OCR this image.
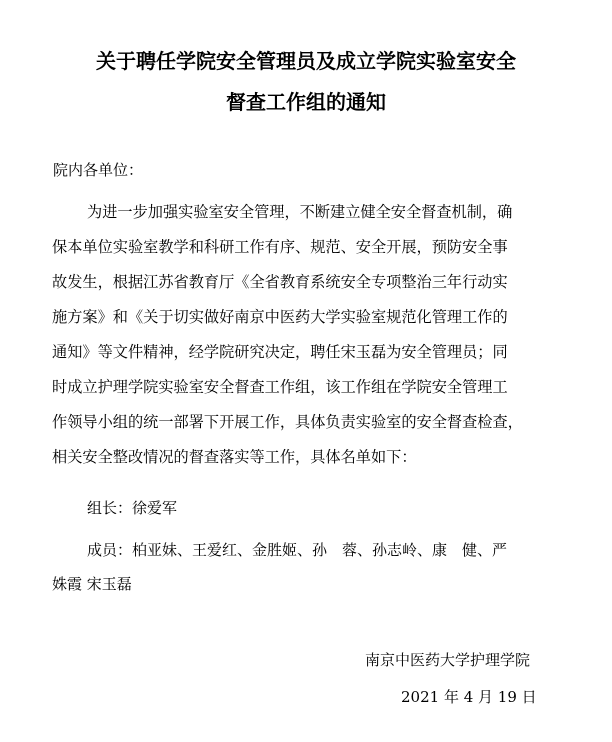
关于聘任学院安全管理员及成立学院实验室安全
督查工作组的通知
院内各单位：
为进一步加强实验室安全管理，不断建立健全安全督查机制，确
保本单位实验室教学和科研工作有序、规范、安全开展，预防安全事
故发生，根据江苏省教育厅《全省教育系统安全专项整治三年行动实
施方案》和《关于切实做好南京中医药大学实验室规范化管理工作的
通知》等文件精神，经学院研究决定，聘任宋玉磊为安全管理员；同
时成立护理学院实验室安全督查工作组，该工作组在学院安全管理工
作领导小组的统一部署下开展工作，具体负责实验室的安全督查检查，
相关安全整改情况的督查落实等工作，具体名单如下：
组长：徐爱军
成员：柏亚妹、王爱红、金胜姬、孙　蓉、孙志岭、康　健、严
姝霞 宋玉磊
南京中医药大学护理学院
2021 年 4 月 19 日
